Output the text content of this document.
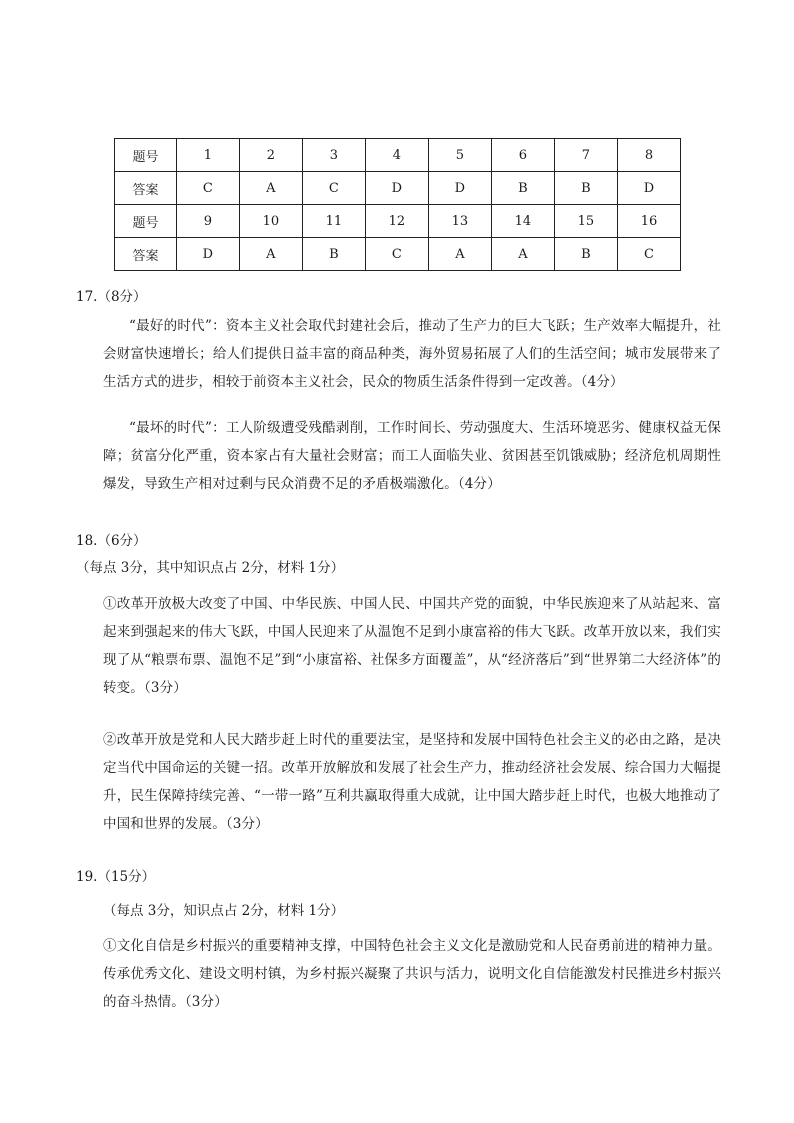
题号	1	2	3	4	5	6	7	8
答案	C	A	C	D	D	B	B	D
题号	9	10	11	12	13	14	15	16
答案	D	A	B	C	A	A	B	C
17.（8分）
“最好的时代”：资本主义社会取代封建社会后，推动了生产力的巨大飞跃；生产效率大幅提升，社会财富快速增长；给人们提供日益丰富的商品种类，海外贸易拓展了人们的生活空间；城市发展带来了生活方式的进步，相较于前资本主义社会，民众的物质生活条件得到一定改善。（4分）
“最坏的时代”：工人阶级遭受残酷剥削，工作时间长、劳动强度大、生活环境恶劣、健康权益无保障；贫富分化严重，资本家占有大量社会财富；而工人面临失业、贫困甚至饥饿威胁；经济危机周期性爆发，导致生产相对过剩与民众消费不足的矛盾极端激化。（4分）
18.（6分）
（每点 3分，其中知识点占 2分，材料 1分）
①改革开放极大改变了中国、中华民族、中国人民、中国共产党的面貌，中华民族迎来了从站起来、富起来到强起来的伟大飞跃，中国人民迎来了从温饱不足到小康富裕的伟大飞跃。改革开放以来，我们实现了从“粮票布票、温饱不足”到“小康富裕、社保多方面覆盖”，从“经济落后”到“世界第二大经济体”的转变。（3分）
②改革开放是党和人民大踏步赶上时代的重要法宝，是坚持和发展中国特色社会主义的必由之路，是决定当代中国命运的关键一招。改革开放解放和发展了社会生产力，推动经济社会发展、综合国力大幅提升，民生保障持续完善、“一带一路”互利共赢取得重大成就，让中国大踏步赶上时代，也极大地推动了中国和世界的发展。（3分）
19.（15分）
（每点 3分，知识点占 2分，材料 1分）
①文化自信是乡村振兴的重要精神支撑，中国特色社会主义文化是激励党和人民奋勇前进的精神力量。传承优秀文化、建设文明村镇，为乡村振兴凝聚了共识与活力，说明文化自信能激发村民推进乡村振兴的奋斗热情。（3分）
